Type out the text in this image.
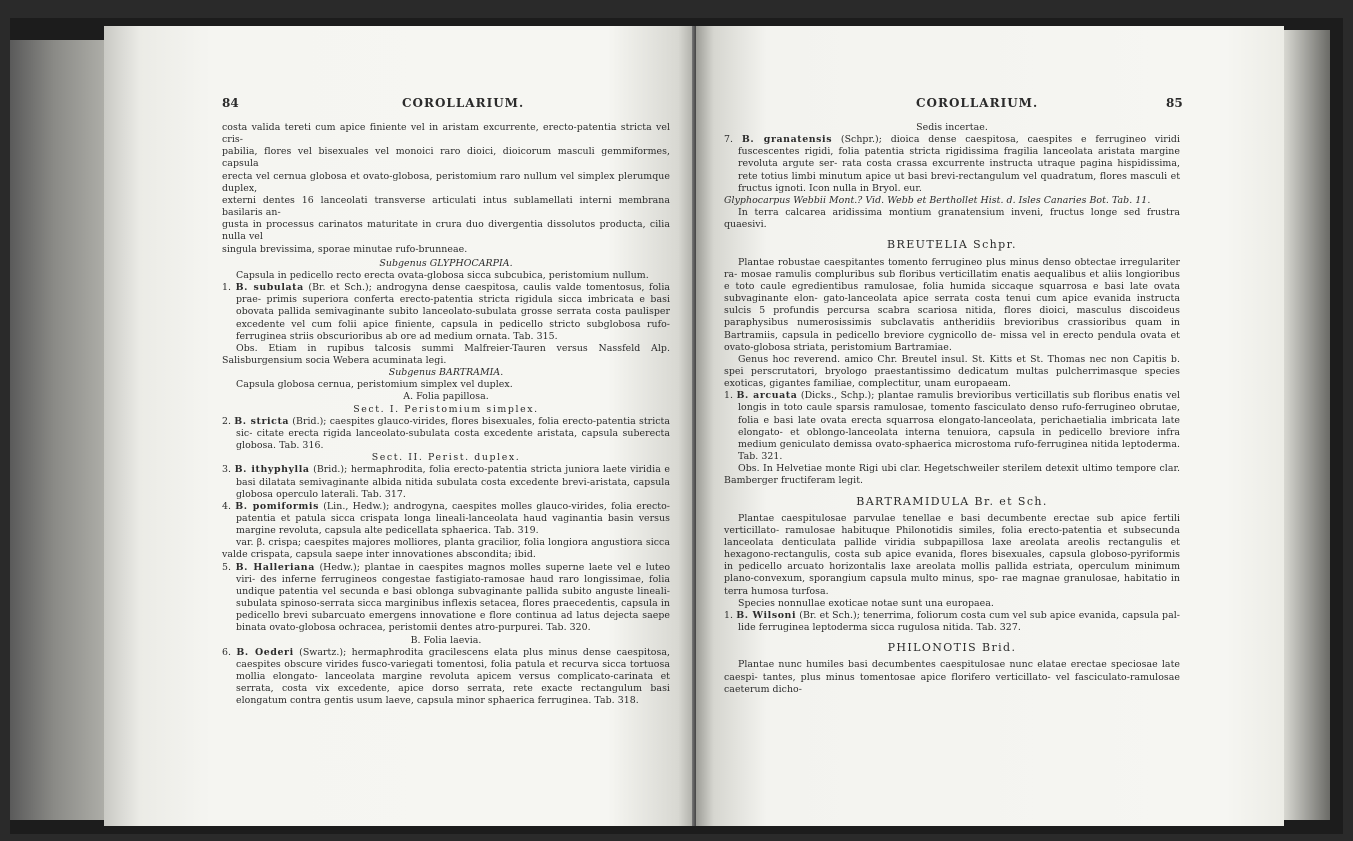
84	COROLLARIUM.

costa valida tereti cum apice finiente vel in aristam excurrente, erecto-patentia stricta vel cris-

pabilia, flores vel bisexuales vel monoici raro dioici, dioicorum masculi gemmiformes, capsula

erecta vel cernua globosa et ovato-globosa, peristomium raro nullum vel simplex plerumque duplex,

externi dentes 16 lanceolati transverse articulati intus sublamellati interni membrana basilaris an-

gusta in processus carinatos maturitate in crura duo divergentia dissolutos producta, cilia nulla vel

singula brevissima, sporae minutae rufo-brunneae.

Subgenus GLYPHOCARPIA.

Capsula in pedicello recto erecta ovata-globosa sicca subcubica, peristomium nullum.

1. B. subulata (Br. et Sch.); androgyna dense caespitosa, caulis valde tomentosus, folia prae- primis superiora conferta erecto-patentia stricta rigidula sicca imbricata e basi obovata pallida semivaginante subito lanceolato-subulata grosse serrata costa paulisper excedente vel cum folii apice finiente, capsula in pedicello stricto subglobosa rufo-ferruginea striis obscurioribus ab ore ad medium ornata. Tab. 315.

Obs. Etiam in rupibus talcosis summi Malfreier-Tauren versus Nassfeld Alp. Salisburgensium socia Webera acuminata legi.

Subgenus BARTRAMIA.

Capsula globosa cernua, peristomium simplex vel duplex.

A. Folia papillosa.

Sect. I. Peristomium simplex.

2. B. stricta (Brid.); caespites glauco-virides, flores bisexuales, folia erecto-patentia stricta sic- citate erecta rigida lanceolato-subulata costa excedente aristata, capsula suberecta globosa. Tab. 316.

Sect. II. Perist. duplex.

3. B. ithyphylla (Brid.); hermaphrodita, folia erecto-patentia stricta juniora laete viridia e basi dilatata semivaginante albida nitida subulata costa excedente brevi-aristata, capsula globosa operculo laterali. Tab. 317.

4. B. pomiformis (Lin., Hedw.); androgyna, caespites molles glauco-virides, folia erecto-patentia et patula sicca crispata longa lineali-lanceolata haud vaginantia basin versus margine revoluta, capsula alte pedicellata sphaerica. Tab. 319.

var. β. crispa; caespites majores molliores, planta gracilior, folia longiora angustiora sicca valde crispata, capsula saepe inter innovationes abscondita; ibid.

5. B. Halleriana (Hedw.); plantae in caespites magnos molles superne laete vel e luteo viri- des inferne ferrugineos congestae fastigiato-ramosae haud raro longissimae, folia undique patentia vel secunda e basi oblonga subvaginante pallida subito anguste lineali-subulata spinoso-serrata sicca marginibus inflexis setacea, flores praecedentis, capsula in pedicello brevi subarcuato emergens innovatione e flore continua ad latus dejecta saepe binata ovato-globosa ochracea, peristomii dentes atro-purpurei. Tab. 320.

B. Folia laevia.

6. B. Oederi (Swartz.); hermaphrodita gracilescens elata plus minus dense caespitosa, caespites obscure virides fusco-variegati tomentosi, folia patula et recurva sicca tortuosa mollia elongato- lanceolata margine revoluta apicem versus complicato-carinata et serrata, costa vix excedente, apice dorso serrata, rete exacte rectangulum basi elongatum contra gentis usum laeve, capsula minor sphaerica ferruginea. Tab. 318.

COROLLARIUM.	85

Sedis incertae.

7. B. granatensis (Schpr.); dioica dense caespitosa, caespites e ferrugineo viridi fuscescentes rigidi, folia patentia stricta rigidissima fragilia lanceolata aristata margine revoluta argute ser- rata costa crassa excurrente instructa utraque pagina hispidissima, rete totius limbi minutum apice ut basi brevi-rectangulum vel quadratum, flores masculi et fructus ignoti. Icon nulla in Bryol. eur.

Glyphocarpus Webbii Mont.? Vid. Webb et Berthollet Hist. d. Isles Canaries Bot. Tab. 11.

In terra calcarea aridissima montium granatensium inveni, fructus longe sed frustra quaesivi.

BREUTELIA Schpr.

Plantae robustae caespitantes tomento ferrugineo plus minus denso obtectae irregulariter ra- mosae ramulis compluribus sub floribus verticillatim enatis aequalibus et aliis longioribus e toto caule egredientibus ramulosae, folia humida siccaque squarrosa e basi late ovata subvaginante elon- gato-lanceolata apice serrata costa tenui cum apice evanida instructa sulcis 5 profundis percursa scabra scariosa nitida, flores dioici, masculus discoideus paraphysibus numerosissimis subclavatis antheridiis brevioribus crassioribus quam in Bartramiis, capsula in pedicello breviore cygnicollo de- missa vel in erecto pendula ovata et ovato-globosa striata, peristomium Bartramiae.

Genus hoc reverend. amico Chr. Breutel insul. St. Kitts et St. Thomas nec non Capitis b. spei perscrutatori, bryologo praestantissimo dedicatum multas pulcherrimasque species exoticas, gigantes familiae, complectitur, unam europaeam.

1. B. arcuata (Dicks., Schp.); plantae ramulis brevioribus verticillatis sub floribus enatis vel longis in toto caule sparsis ramulosae, tomento fasciculato denso rufo-ferrugineo obrutae, folia e basi late ovata erecta squarrosa elongato-lanceolata, perichaetialia imbricata late elongato- et oblongo-lanceolata interna tenuiora, capsula in pedicello breviore infra medium geniculato demissa ovato-sphaerica microstoma rufo-ferruginea nitida leptoderma. Tab. 321.

Obs. In Helvetiae monte Rigi ubi clar. Hegetschweiler sterilem detexit ultimo tempore clar. Bamberger fructiferam legit.

BARTRAMIDULA Br. et Sch.

Plantae caespitulosae parvulae tenellae e basi decumbente erectae sub apice fertili verticillato- ramulosae habituque Philonotidis similes, folia erecto-patentia et subsecunda lanceolata denticulata pallide viridia subpapillosa laxe areolata areolis rectangulis et hexagono-rectangulis, costa sub apice evanida, flores bisexuales, capsula globoso-pyriformis in pedicello arcuato horizontalis laxe areolata mollis pallida estriata, operculum minimum plano-convexum, sporangium capsula multo minus, spo- rae magnae granulosae, habitatio in terra humosa turfosa.

Species nonnullae exoticae notae sunt una europaea.

1. B. Wilsoni (Br. et Sch.); tenerrima, foliorum costa cum vel sub apice evanida, capsula pal- lide ferruginea leptoderma sicca rugulosa nitida. Tab. 327.

PHILONOTIS Brid.

Plantae nunc humiles basi decumbentes caespitulosae nunc elatae erectae speciosae late caespi- tantes, plus minus tomentosae apice florifero verticillato- vel fasciculato-ramulosae caeterum dicho-
